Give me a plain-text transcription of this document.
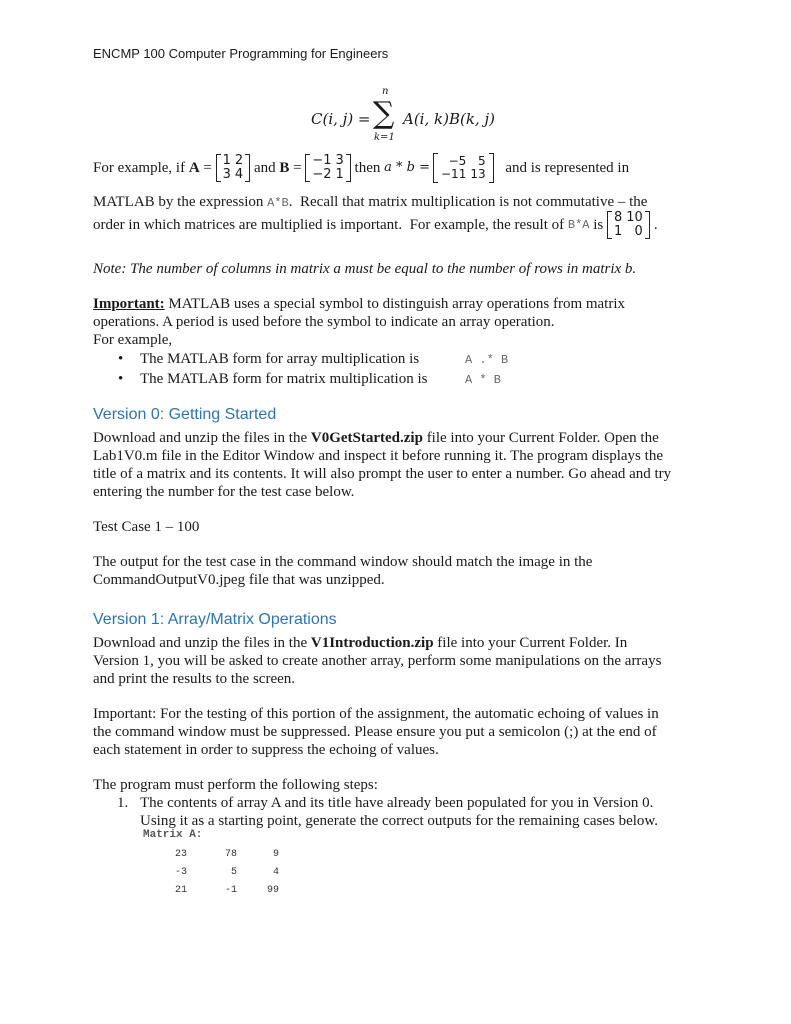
ENCMP 100 Computer Programming for Engineers
C(i, j) =
n
∑
k=1
A(i, k)B(k, j)
For example, if A = 1	2
3	4 and B = −1	3
−2	1 then a * b = −5	5
−11	13 and is represented in
MATLAB by the expression A*B.  Recall that matrix multiplication is not commutative – the
order in which matrices are multiplied is important.  For example, the result of B*A is 8	10
1	0 .
Note: The number of columns in matrix a must be equal to the number of rows in matrix b.
Important: MATLAB uses a special symbol to distinguish array operations from matrix
operations. A period is used before the symbol to indicate an array operation.
For example,
• The MATLAB form for array multiplication is	A .* B
• The MATLAB form for matrix multiplication is	A * B
Version 0: Getting Started
Download and unzip the files in the V0GetStarted.zip file into your Current Folder. Open the
Lab1V0.m file in the Editor Window and inspect it before running it. The program displays the
title of a matrix and its contents. It will also prompt the user to enter a number. Go ahead and try
entering the number for the test case below.
Test Case 1 – 100
The output for the test case in the command window should match the image in the
CommandOutputV0.jpeg file that was unzipped.
Version 1: Array/Matrix Operations
Download and unzip the files in the V1Introduction.zip file into your Current Folder. In
Version 1, you will be asked to create another array, perform some manipulations on the arrays
and print the results to the screen.
Important: For the testing of this portion of the assignment, the automatic echoing of values in
the command window must be suppressed. Please ensure you put a semicolon (;) at the end of
each statement in order to suppress the echoing of values.
The program must perform the following steps:
1. The contents of array A and its title have already been populated for you in Version 0.
Using it as a starting point, generate the correct outputs for the remaining cases below.
Matrix A:
23	78	9
-3	5	4
21	-1	99
